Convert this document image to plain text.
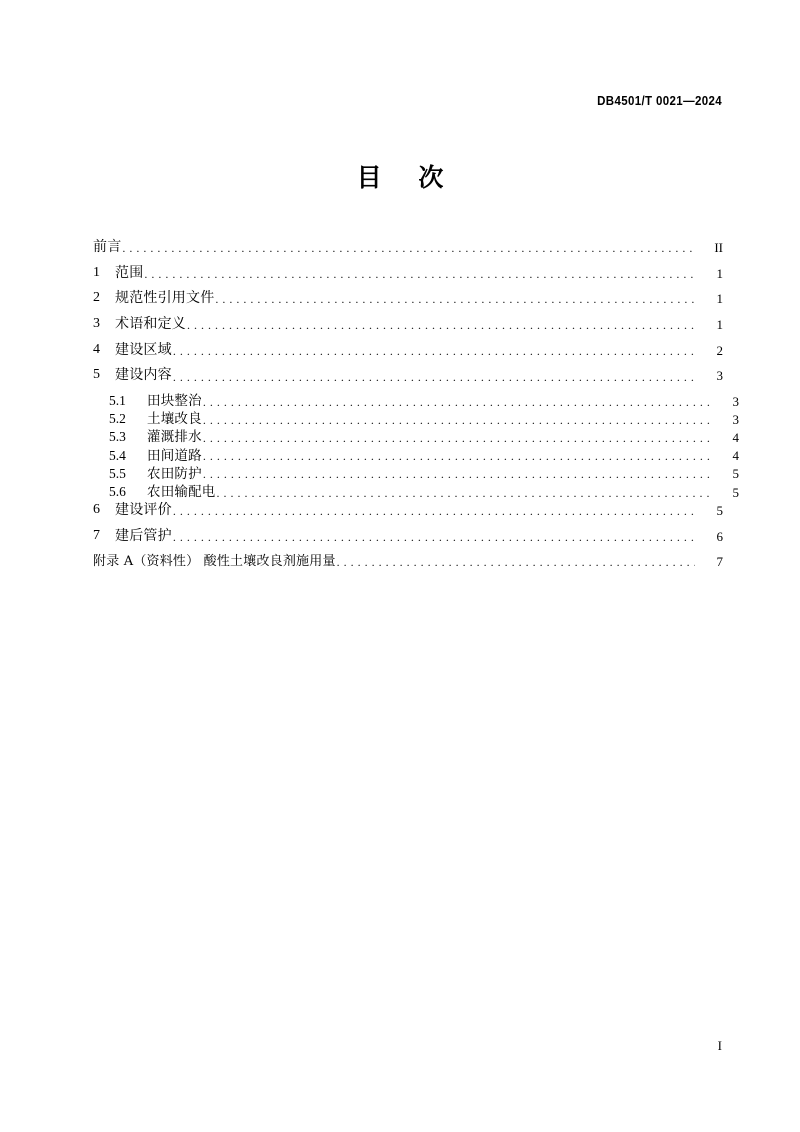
DB4501/T 0021—2024
目 次
前言 . . .	II
1	范围 . . .	1
2	规范性引用文件 . . .	1
3	术语和定义 . . .	1
4	建设区域 . . .	2
5	建设内容 . . .	3
5.1	田块整治 . . .	3
5.2	土壤改良 . . .	3
5.3	灌溉排水 . . .	4
5.4	田间道路 . . .	4
5.5	农田防护 . . .	5
5.6	农田输配电 . . .	5
6	建设评价 . . .	5
7	建后管护 . . .	6
附录 A（资料性） 酸性土壤改良剂施用量 . . .	7
I
